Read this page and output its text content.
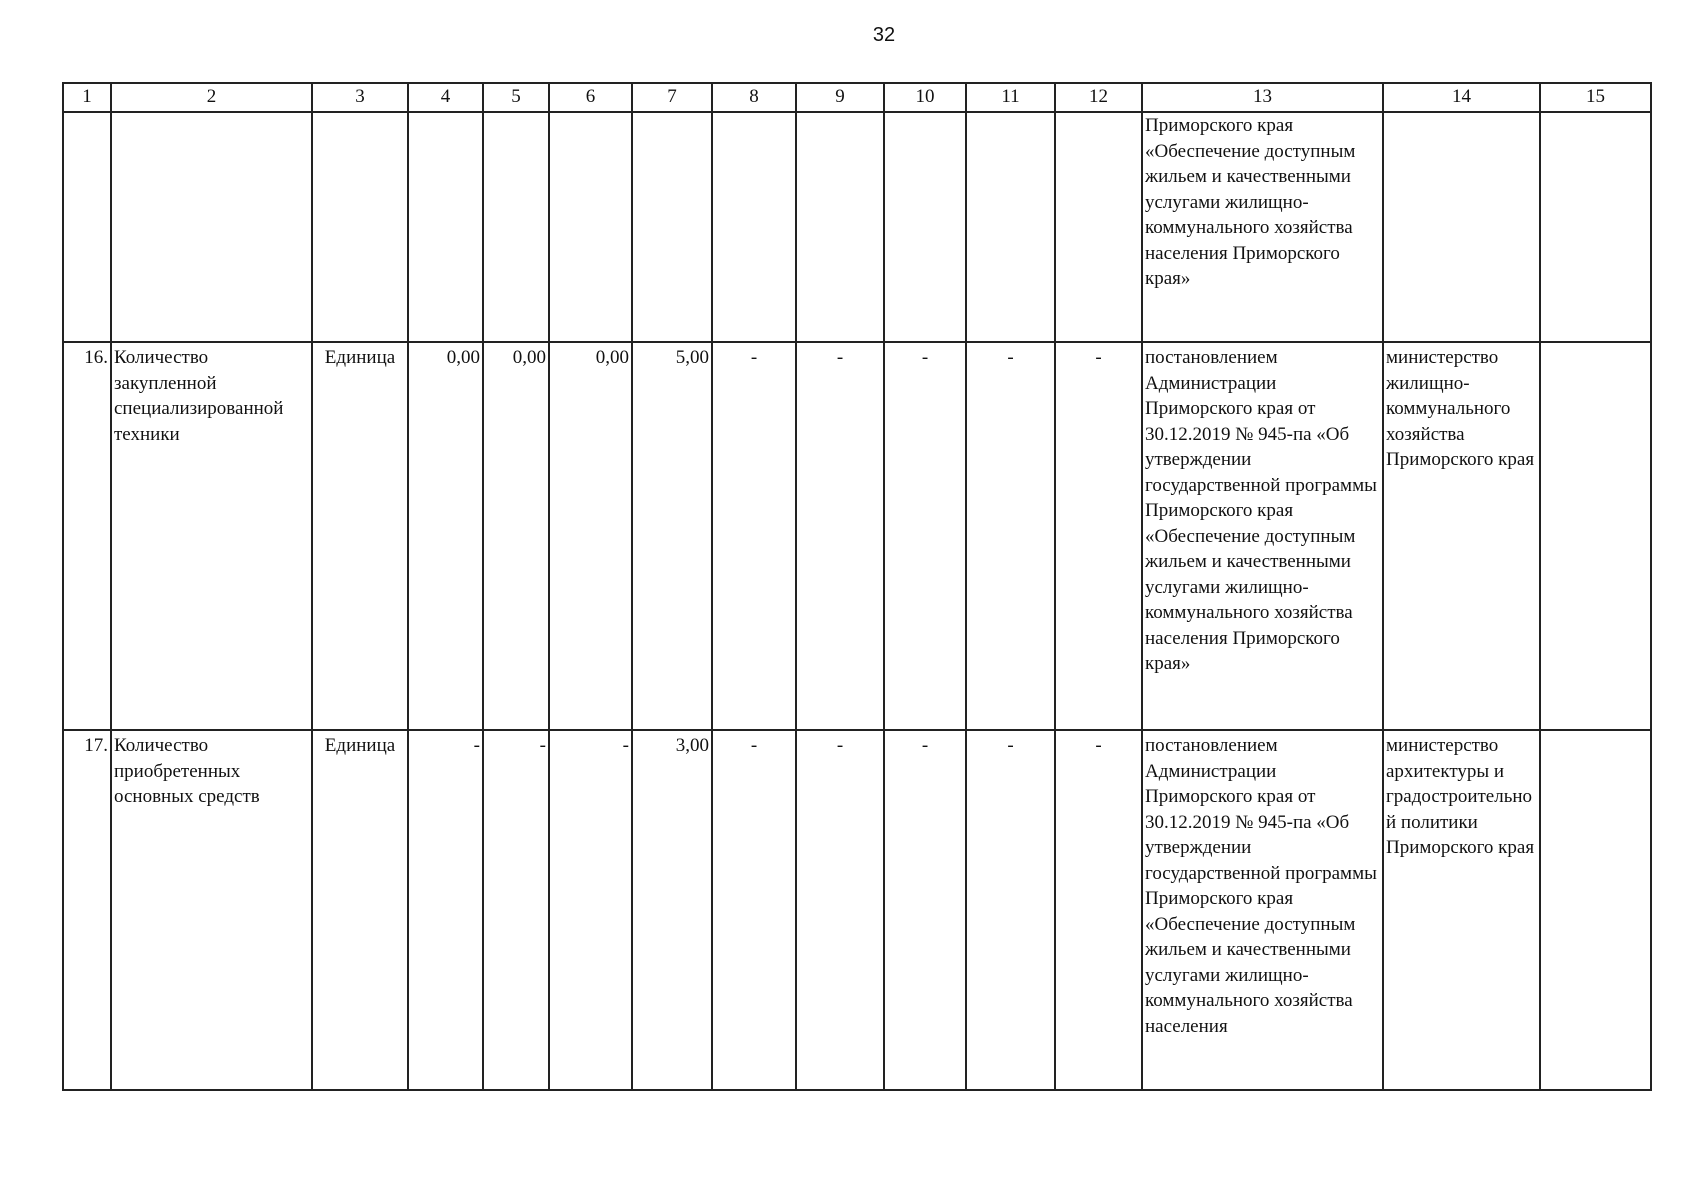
32
1	2	3	4	5	6	7	8	9	10	11	12	13	14	15
												Приморского края «Обеспечение доступным жильем и качественными услугами жилищно-коммунального хозяйства населения Приморского края»		
16.	Количество закупленной специализированной техники	Единица	0,00	0,00	0,00	5,00	-	-	-	-	-	постановлением Администрации Приморского края от 30.12.2019 № 945-па «Об утверждении государственной программы Приморского края «Обеспечение доступным жильем и качественными услугами жилищно-коммунального хозяйства населения Приморского края»	министерство жилищно-коммунального хозяйства Приморского края	
17.	Количество приобретенных основных средств	Единица	-	-	-	3,00	-	-	-	-	-	постановлением Администрации Приморского края от 30.12.2019 № 945-па «Об утверждении государственной программы Приморского края «Обеспечение доступным жильем и качественными услугами жилищно-коммунального хозяйства населения	министерство архитектуры и градостроительной политики Приморского края	
